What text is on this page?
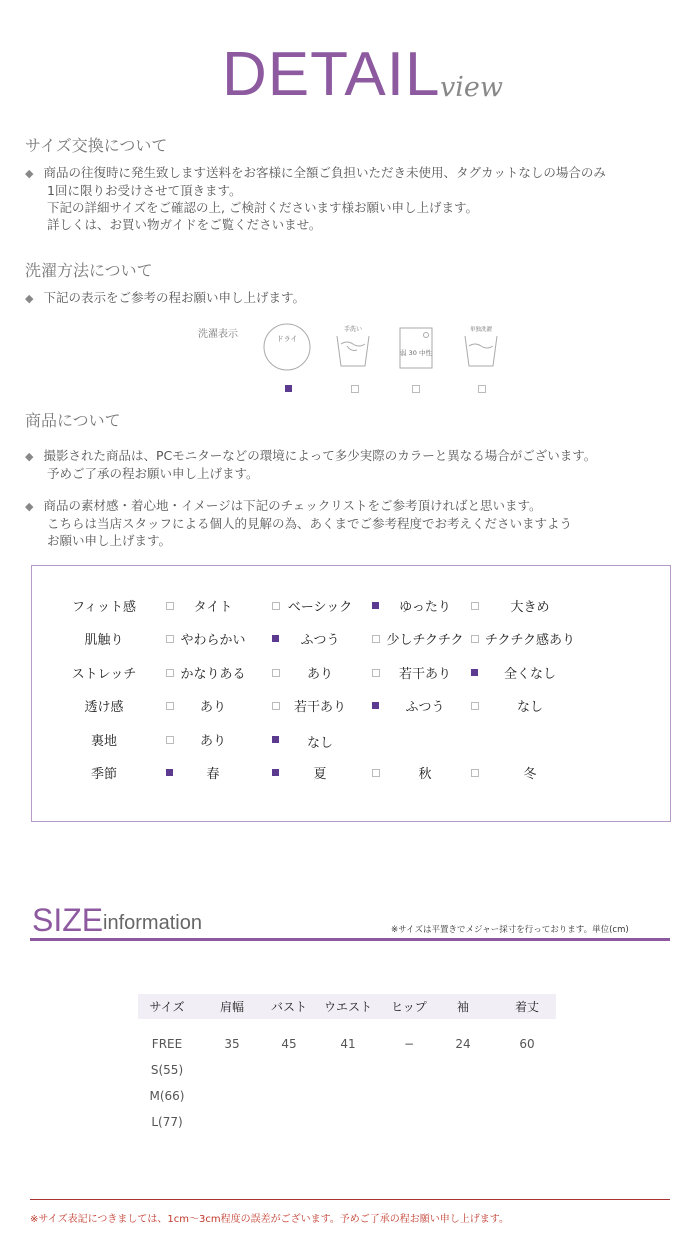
DETAIL view
サイズ交換について
◆ 商品の往復時に発生致します送料をお客様に全額ご負担いただき未使用、タグカットなしの場合のみ
1回に限りお受けさせて頂きます。
下記の詳細サイズをご確認の上, ご検討くださいます様お願い申し上げます。
詳しくは、お買い物ガイドをご覧くださいませ。
洗濯方法について
◆ 下記の表示をご参考の程お願い申し上げます。
洗濯表示	ドライ
手洗い
弱 30 中性
単独洗濯
商品について
◆ 撮影された商品は、PCモニターなどの環境によって多少実際のカラーと異なる場合がございます。
予めご了承の程お願い申し上げます。
◆ 商品の素材感・着心地・イメージは下記のチェックリストをご参考頂ければと思います。
こちらは当店スタッフによる個人的見解の為、あくまでご参考程度でお考えくださいますよう
お願い申し上げます。
フィット感	タイト	ベーシック	ゆったり	大きめ
肌触り	やわらかい	ふつう	少しチクチク	チクチク感あり
ストレッチ	かなりある	あり	若干あり	全くなし
透け感	あり	若干あり	ふつう	なし
裏地	あり	なし
季節	春	夏	秋	冬
SIZE information	※サイズは平置きでメジャー採寸を行っております。単位(cm)
サイズ	肩幅	バスト	ウエスト	ヒップ	袖	着丈
FREE	35	45	41	−	24	60
S(55)
M(66)
L(77)
※サイズ表記につきましては、1cm～3cm程度の誤差がございます。予めご了承の程お願い申し上げます。
